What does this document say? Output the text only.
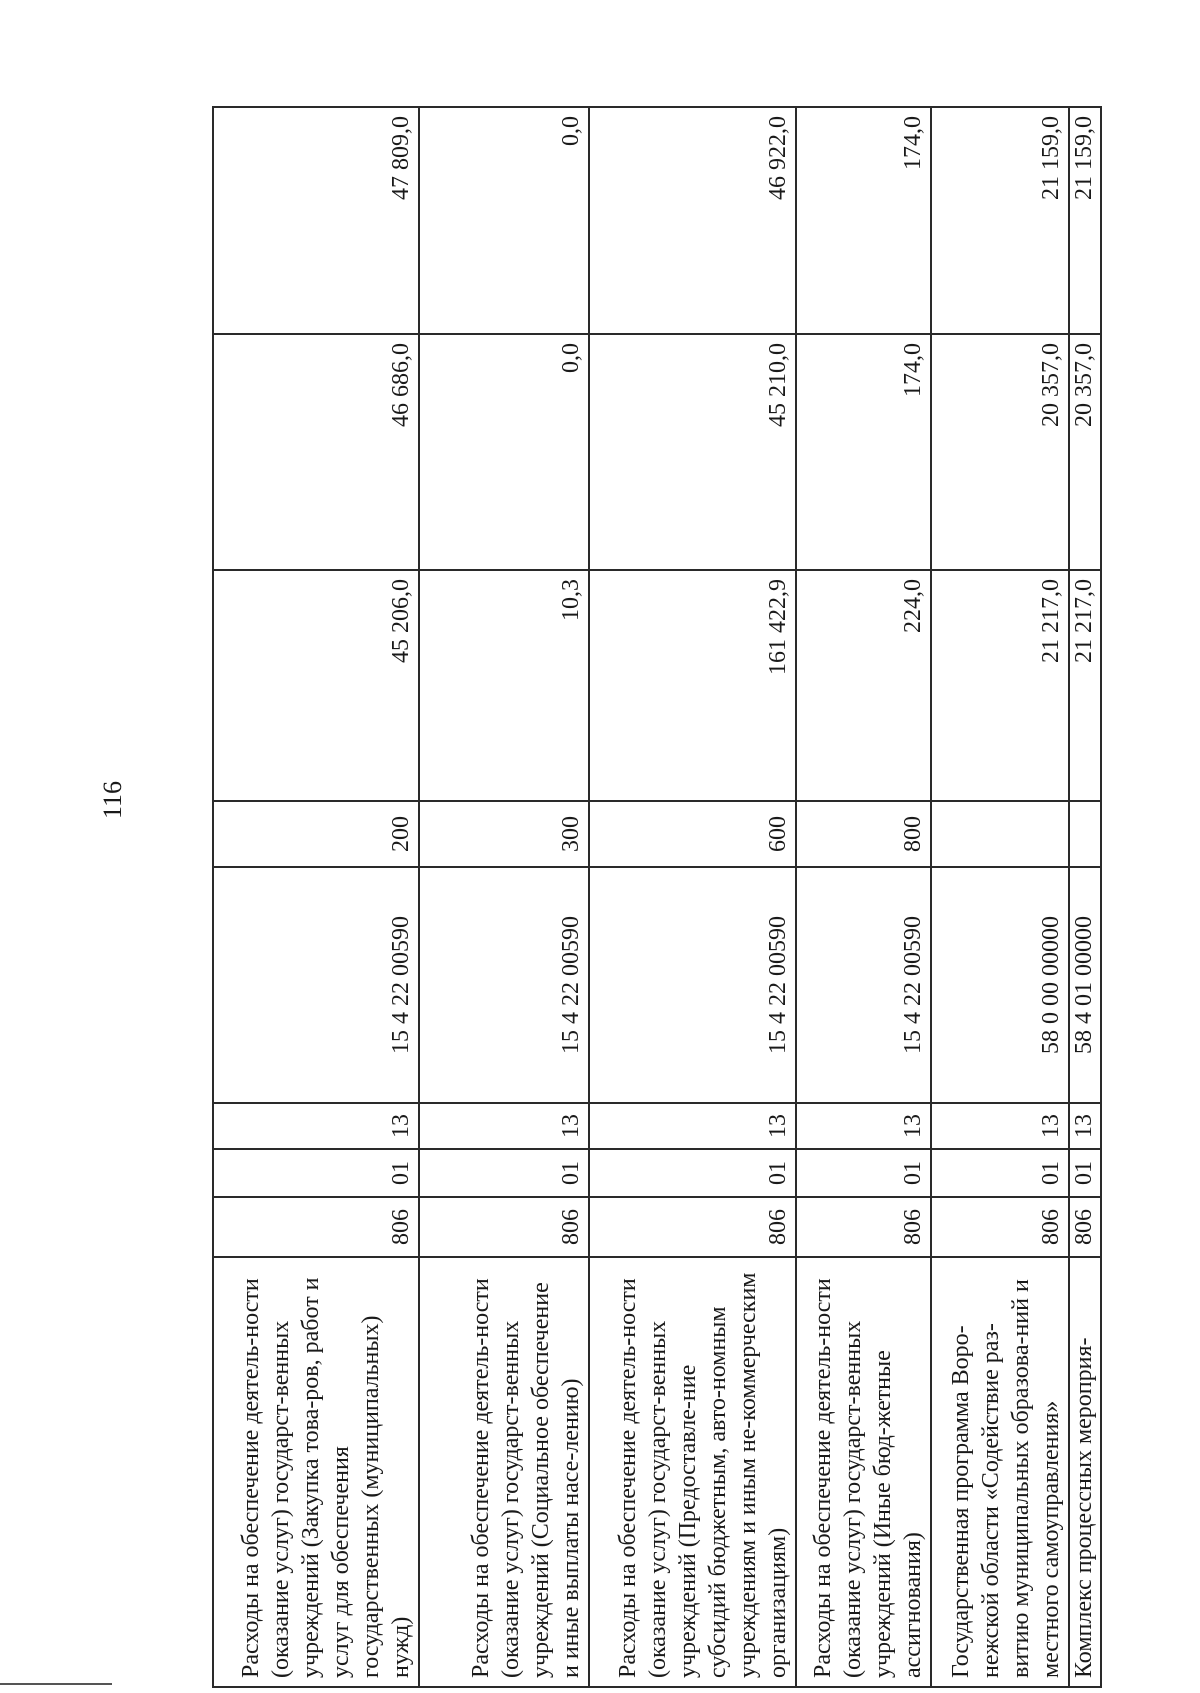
116
Расходы на обеспечение деятель-ности (оказание услуг) государст-венных учреждений (Закупка това-ров, работ и услуг для обеспечения государственных (муниципальных) нужд)	806	01	13	15 4 22 00590	200	45 206,0	46 686,0	47 809,0
Расходы на обеспечение деятель-ности (оказание услуг) государст-венных учреждений (Социальное обеспечение и иные выплаты насе-лению)	806	01	13	15 4 22 00590	300	10,3	0,0	0,0
Расходы на обеспечение деятель-ности (оказание услуг) государст-венных учреждений (Предоставле-ние субсидий бюджетным, авто-номным учреждениям и иным не-коммерческим организациям)	806	01	13	15 4 22 00590	600	161 422,9	45 210,0	46 922,0
Расходы на обеспечение деятель-ности (оказание услуг) государст-венных учреждений (Иные бюд-жетные ассигнования)	806	01	13	15 4 22 00590	800	224,0	174,0	174,0
Государственная программа Воро-нежской области «Содействие раз-витию муниципальных образова-ний и местного самоуправления»	806	01	13	58 0 00 00000		21 217,0	20 357,0	21 159,0
Комплекс процессных мероприя-	806	01	13	58 4 01 00000		21 217,0	20 357,0	21 159,0
